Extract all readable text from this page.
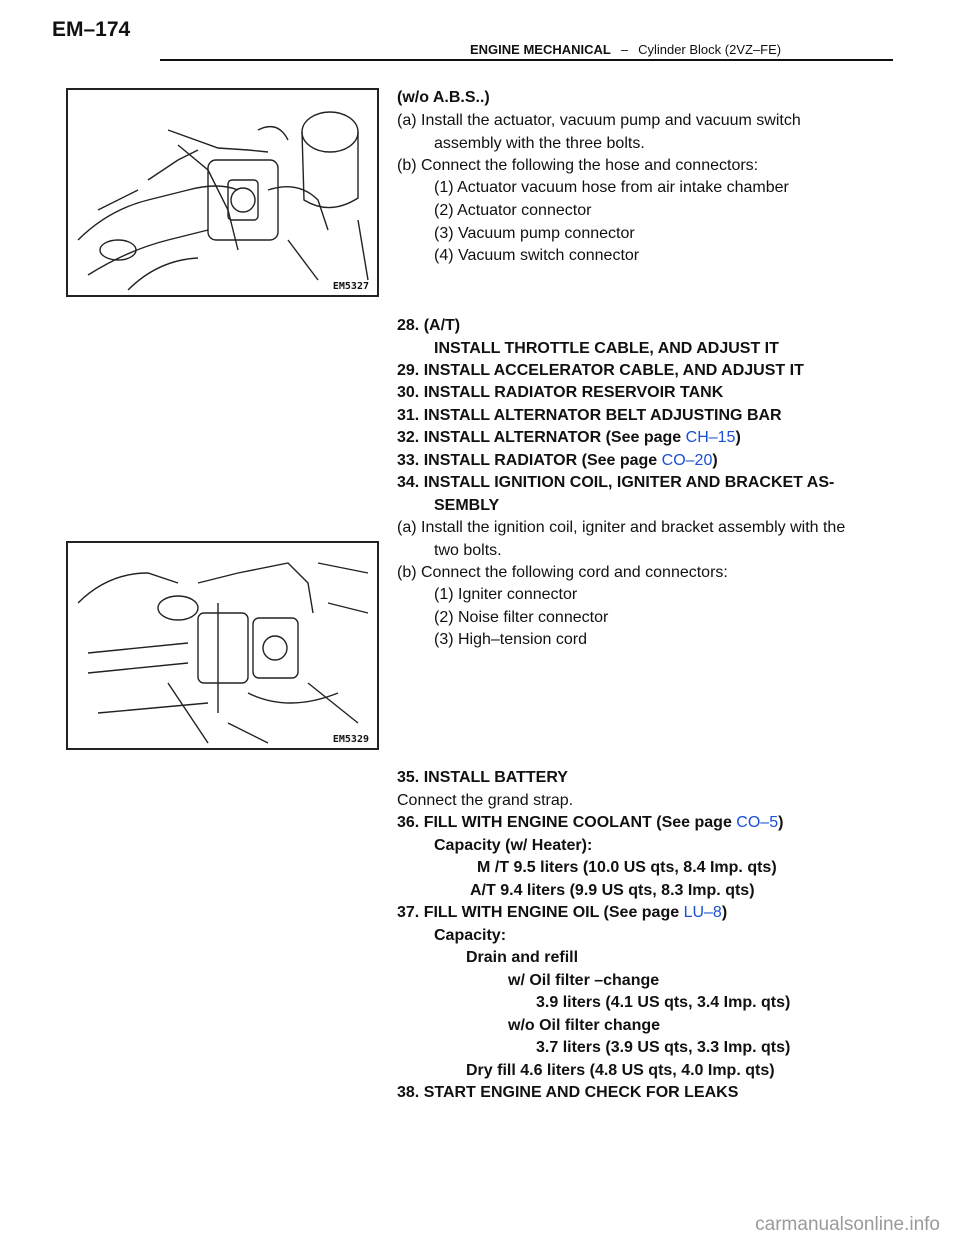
EM–174
ENGINE MECHANICAL – Cylinder Block (2VZ–FE)
EM5327
EM5329
(w/o A.B.S..)
(a) Install the actuator, vacuum pump and vacuum switch
assembly with the three bolts.
(b) Connect the following the hose and connectors:
(1) Actuator vacuum hose from air intake chamber
(2) Actuator connector
(3) Vacuum pump connector
(4) Vacuum switch connector
28. (A/T)
INSTALL THROTTLE CABLE, AND ADJUST IT
29. INSTALL ACCELERATOR CABLE, AND ADJUST IT
30. INSTALL RADIATOR RESERVOIR TANK
31. INSTALL ALTERNATOR BELT ADJUSTING BAR
32. INSTALL ALTERNATOR (See page CH–15)
33. INSTALL RADIATOR (See page CO–20)
34. INSTALL IGNITION COIL, IGNITER AND BRACKET AS-
SEMBLY
(a) Install the ignition coil, igniter and bracket assembly with the
two bolts.
(b) Connect the following cord and connectors:
(1) Igniter connector
(2) Noise filter connector
(3) High–tension cord
35. INSTALL BATTERY
Connect the grand strap.
36. FILL WITH ENGINE COOLANT (See page CO–5)
Capacity (w/ Heater):
M /T 9.5 liters (10.0 US qts, 8.4 Imp. qts)
A/T 9.4 liters (9.9 US qts, 8.3 Imp. qts)
37. FILL WITH ENGINE OIL (See page LU–8)
Capacity:
Drain and refill
w/ Oil filter –change
3.9 liters (4.1 US qts, 3.4 Imp. qts)
w/o Oil filter change
3.7 liters (3.9 US qts, 3.3 Imp. qts)
Dry fill 4.6 liters (4.8 US qts, 4.0 Imp. qts)
38. START ENGINE AND CHECK FOR LEAKS
carmanualsonline.info
